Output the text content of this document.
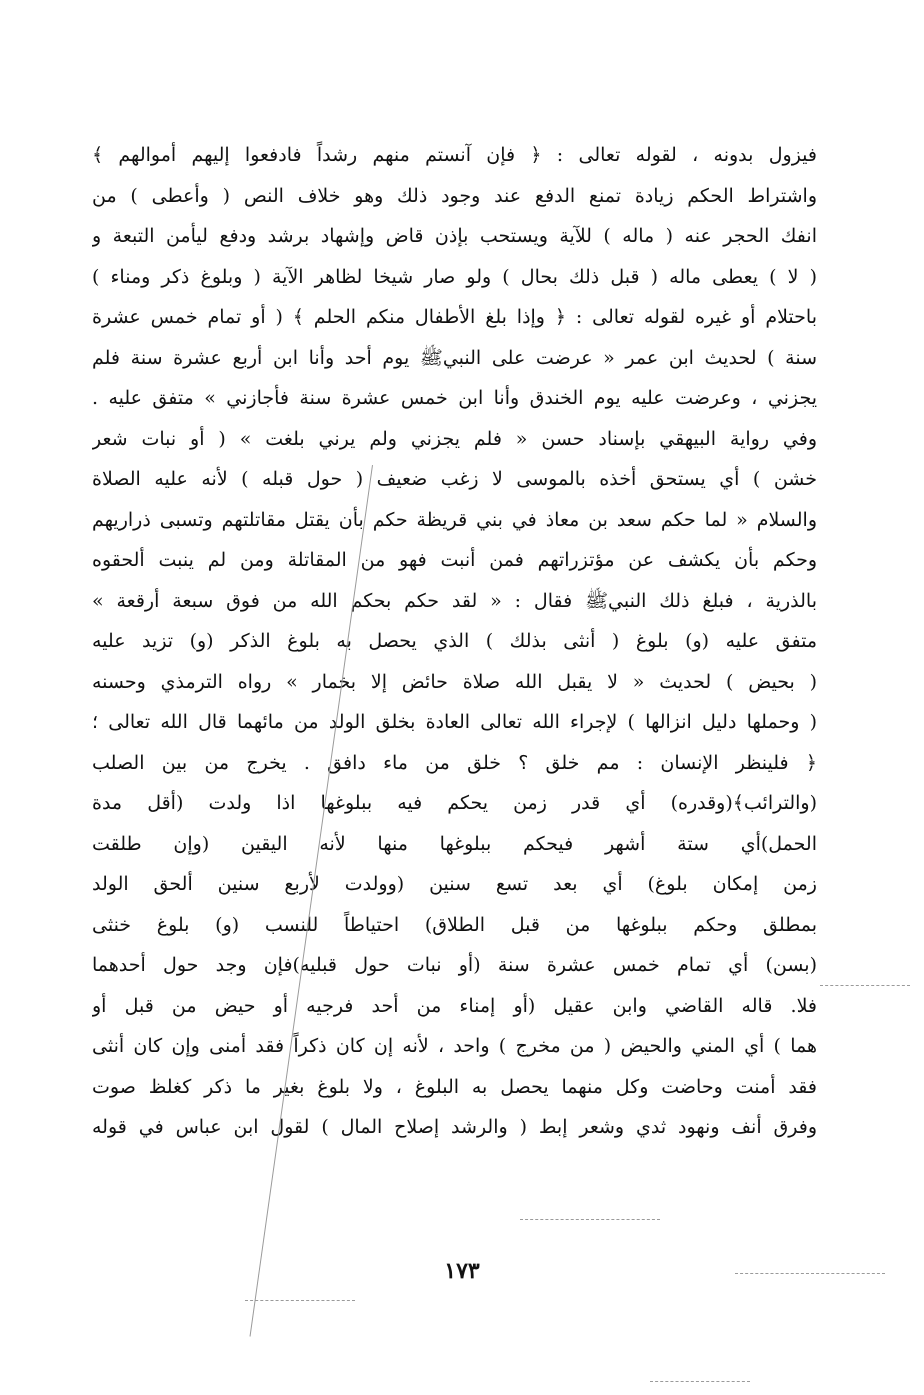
فيزول بدونه ، لقوله تعالى : ﴿ فإن آنستم منهم رشداً فادفعوا إليهم أموالهم ﴾
واشتراط الحكم زيادة تمنع الدفع عند وجود ذلك وهو خلاف النص ( وأعطى ) من
انفك الحجر عنه ( ماله ) للآية ويستحب بإذن قاض وإشهاد برشد ودفع ليأمن التبعة و
( لا ) يعطى ماله ( قبل ذلك بحال ) ولو صار شيخا لظاهر الآية ( وبلوغ ذكر ومناء )
باحتلام أو غيره لقوله تعالى : ﴿ وإذا بلغ الأطفال منكم الحلم ﴾ ( أو تمام خمس عشرة
سنة ) لحديث ابن عمر « عرضت على النبيﷺ يوم أحد وأنا ابن أربع عشرة سنة فلم
يجزني ، وعرضت عليه يوم الخندق وأنا ابن خمس عشرة سنة فأجازني » متفق عليه .
وفي رواية البيهقي بإسناد حسن « فلم يجزني ولم يرني بلغت » ( أو نبات شعر
خشن ) أي يستحق أخذه بالموسى لا زغب ضعيف ( حول قبله ) لأنه عليه الصلاة
والسلام « لما حكم سعد بن معاذ في بني قريظة حكم بأن يقتل مقاتلتهم وتسبى ذراريهم
وحكم بأن يكشف عن مؤتزراتهم فمن أنبت فهو من المقاتلة ومن لم ينبت ألحقوه
بالذرية ، فبلغ ذلك النبيﷺ فقال : « لقد حكم بحكم الله من فوق سبعة أرقعة »
متفق عليه (و) بلوغ ( أنثى بذلك ) الذي يحصل به بلوغ الذكر (و) تزيد عليه
( بحيض ) لحديث « لا يقبل الله صلاة حائض إلا بخمار » رواه الترمذي وحسنه
( وحملها دليل انزالها ) لإجراء الله تعالى العادة بخلق الولد من مائهما قال الله تعالى ؛
﴿ فلينظر الإنسان : مم خلق ؟ خلق من ماء دافق . يخرج من بين الصلب
(والترائب﴾(وقدره) أي قدر زمن يحكم فيه ببلوغها اذا ولدت (أقل مدة
الحمل)أي ستة أشهر فيحكم ببلوغها منها لأنه اليقين (وإن طلقت
زمن إمكان بلوغ) أي بعد تسع سنين (وولدت لأربع سنين ألحق الولد
بمطلق وحكم ببلوغها من قبل الطلاق) احتياطاً للنسب (و) بلوغ خنثى
(بسن) أي تمام خمس عشرة سنة (أو نبات حول قبليه)فإن وجد حول أحدهما
فلا. قاله القاضي وابن عقيل (أو إمناء من أحد فرجيه أو حيض من قبل أو
هما ) أي المني والحيض ( من مخرج ) واحد ، لأنه إن كان ذكراً فقد أمنى وإن كان أنثى
فقد أمنت وحاضت وكل منهما يحصل به البلوغ ، ولا بلوغ بغير ما ذكر كغلظ صوت
وفرق أنف ونهود ثدي وشعر إبط ( والرشد إصلاح المال ) لقول ابن عباس في قوله
١٧٣
